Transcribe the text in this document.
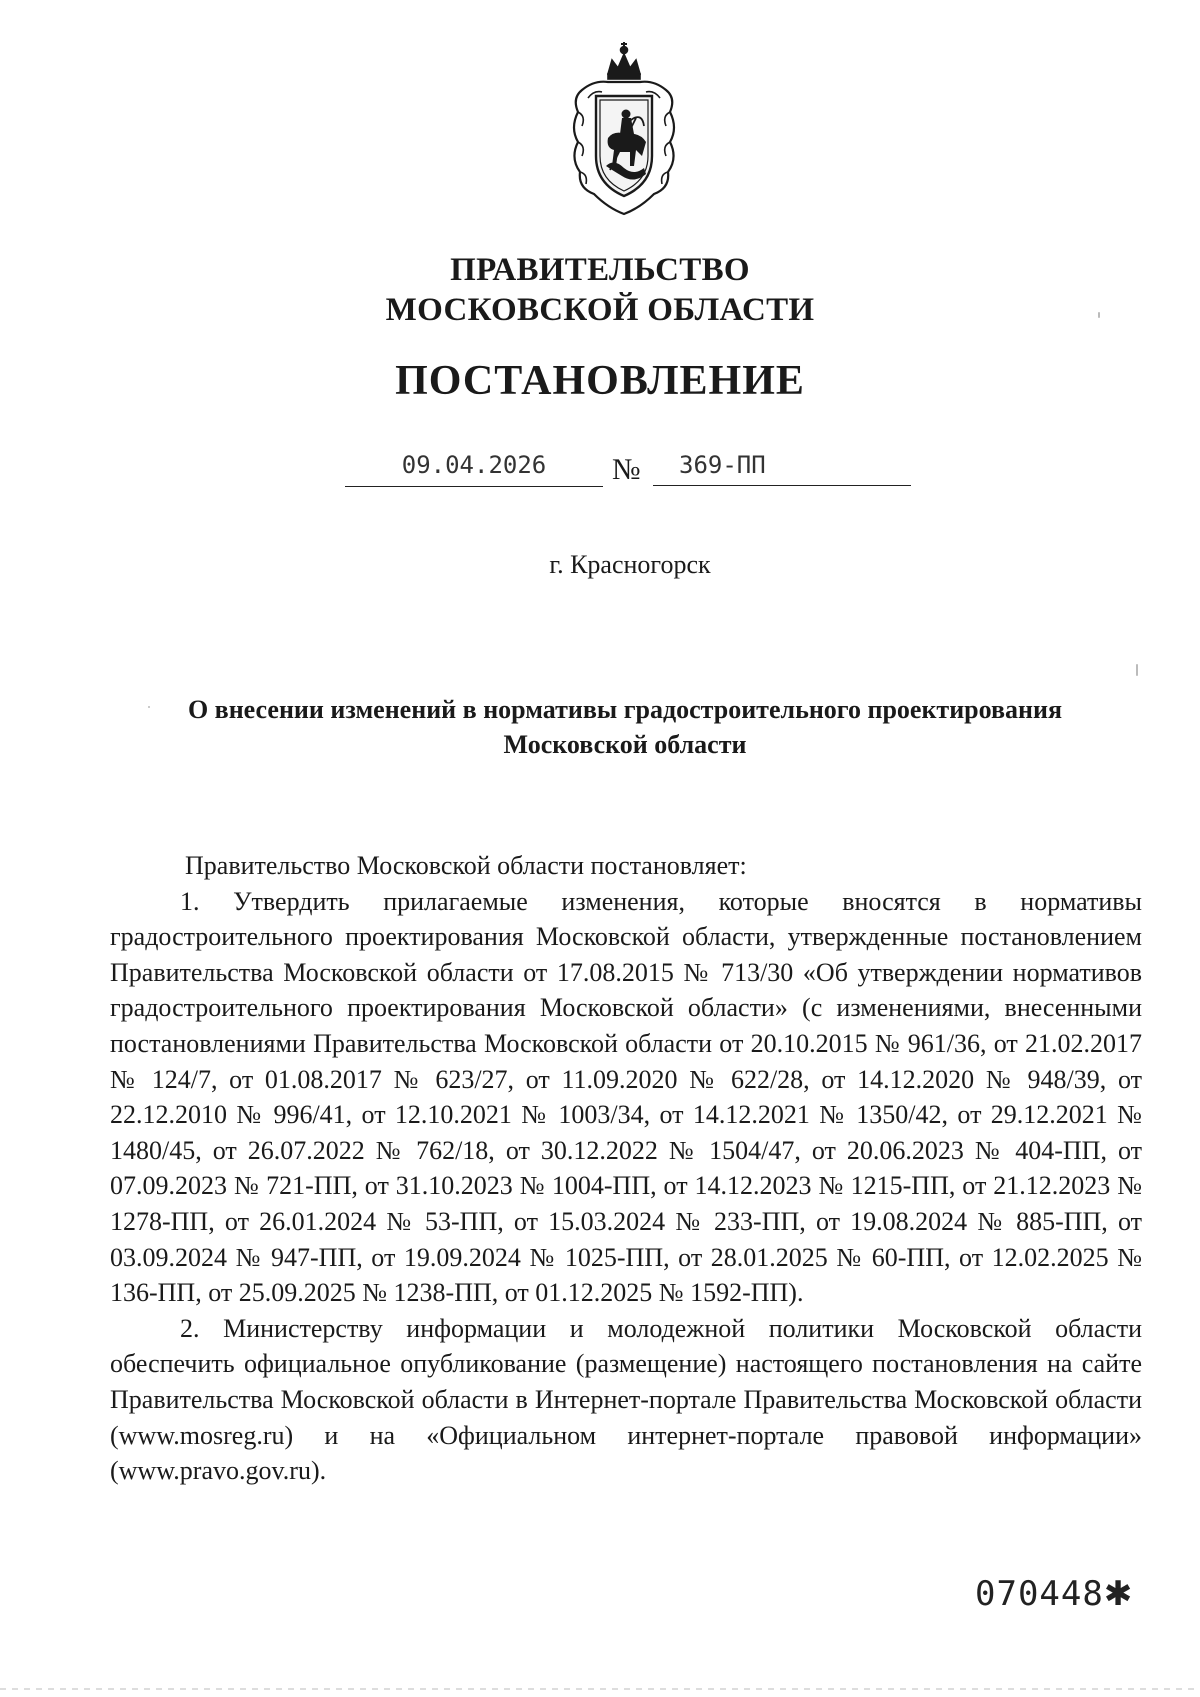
ПРАВИТЕЛЬСТВО
МОСКОВСКОЙ ОБЛАСТИ
ПОСТАНОВЛЕНИЕ
09.04.2026	№	369-ПП
г. Красногорск
О внесении изменений в нормативы градостроительного проектирования
Московской области

Правительство Московской области постановляет:

1. Утвердить прилагаемые изменения, которые вносятся в нормативы градостроительного проектирования Московской области, утвержденные постановлением Правительства Московской области от 17.08.2015 № 713/30 «Об утверждении нормативов градостроительного проектирования Московской области» (с изменениями, внесенными постановлениями Правительства Московской области от 20.10.2015 № 961/36, от 21.02.2017 № 124/7, от 01.08.2017 № 623/27, от 11.09.2020 № 622/28, от 14.12.2020 № 948/39, от 22.12.2010 № 996/41, от 12.10.2021 № 1003/34, от 14.12.2021 № 1350/42, от 29.12.2021 № 1480/45, от 26.07.2022 № 762/18, от 30.12.2022 № 1504/47, от 20.06.2023 № 404-ПП, от 07.09.2023 № 721-ПП, от 31.10.2023 № 1004-ПП, от 14.12.2023 № 1215-ПП, от 21.12.2023 № 1278-ПП, от 26.01.2024 № 53-ПП, от 15.03.2024 № 233-ПП, от 19.08.2024 № 885-ПП, от 03.09.2024 № 947-ПП, от 19.09.2024 № 1025-ПП, от 28.01.2025 № 60-ПП, от 12.02.2025 № 136-ПП, от 25.09.2025 № 1238-ПП, от 01.12.2025 № 1592-ПП).

2. Министерству информации и молодежной политики Московской области обеспечить официальное опубликование (размещение) настоящего постановления на сайте Правительства Московской области в Интернет-портале Правительства Московской области (www.mosreg.ru) и на «Официальном интернет-портале правовой информации» (www.pravo.gov.ru).

070448✱
